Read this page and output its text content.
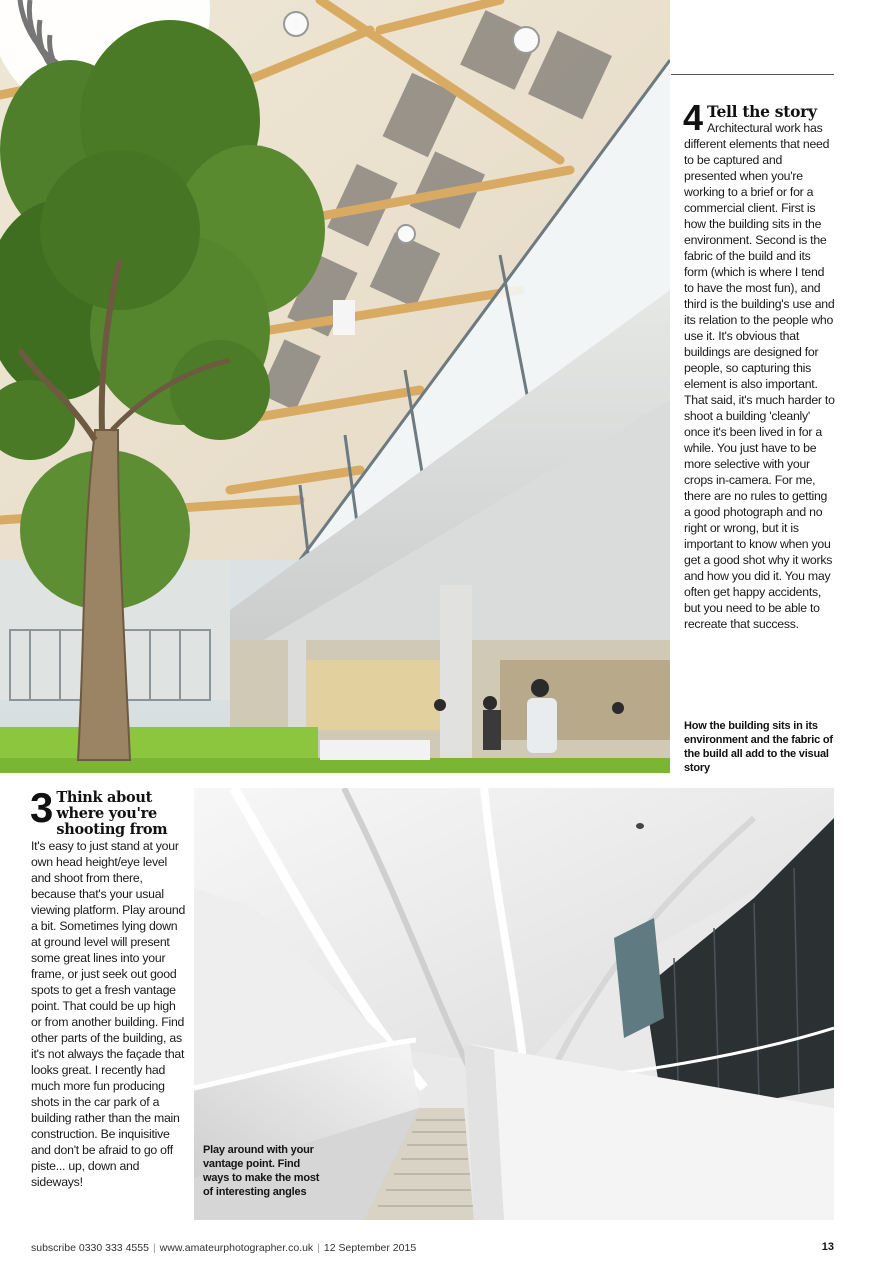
4 Tell the story
Architectural work has different elements that need to be captured and presented when you're working to a brief or for a commercial client. First is how the building sits in the environment. Second is the fabric of the build and its form (which is where I tend to have the most fun), and third is the building's use and its relation to the people who use it. It's obvious that buildings are designed for people, so capturing this element is also important. That said, it's much harder to shoot a building 'cleanly' once it's been lived in for a while. You just have to be more selective with your crops in-camera. For me, there are no rules to getting a good photograph and no right or wrong, but it is important to know when you get a good shot why it works and how you did it. You may often get happy accidents, but you need to be able to recreate that success.
How the building sits in its environment and the fabric of the build all add to the visual story
3 Think about where you're shooting from
It's easy to just stand at your own head height/eye level and shoot from there, because that's your usual viewing platform. Play around a bit. Sometimes lying down at ground level will present some great lines into your frame, or just seek out good spots to get a fresh vantage point. That could be up high or from another building. Find other parts of the building, as it's not always the façade that looks great. I recently had much more fun producing shots in the car park of a building rather than the main construction. Be inquisitive and don't be afraid to go off piste... up, down and sideways!
Play around with your vantage point. Find ways to make the most of interesting angles
subscribe 0330 333 4555 | www.amateurphotographer.co.uk | 12 September 2015	13
